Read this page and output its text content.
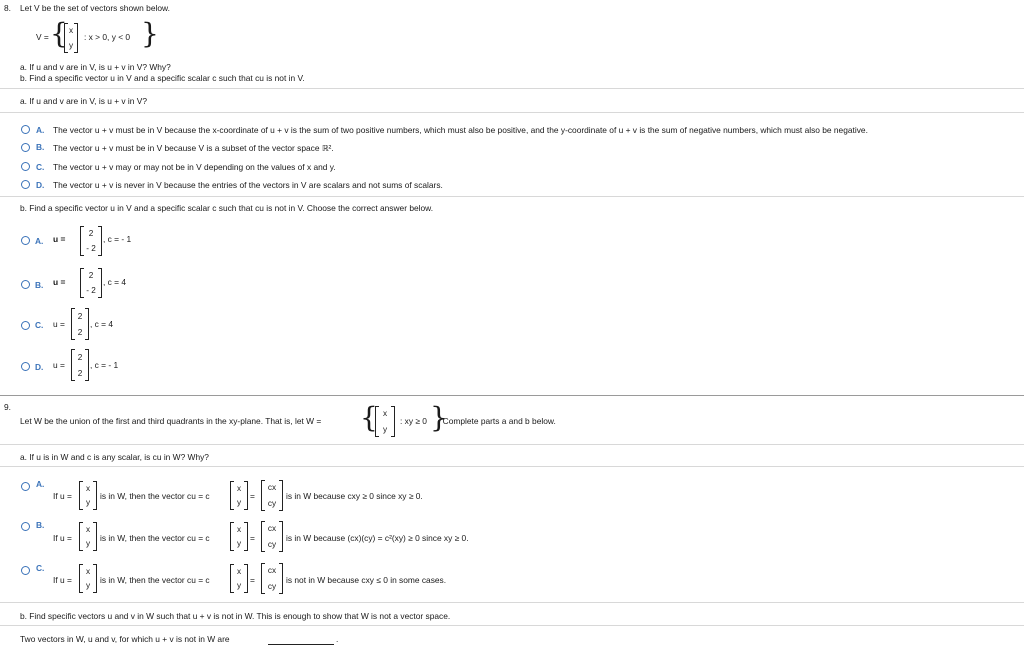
8. Let V be the set of vectors shown below.
V = { x
y
: x > 0, y < 0 }
a. If u and v are in V, is u + v in V? Why?
b. Find a specific vector u in V and a specific scalar c such that cu is not in V.
a. If u and v are in V, is u + v in V?
A. The vector u + v must be in V because the x-coordinate of u + v is the sum of two positive numbers, which must also be positive, and the y-coordinate of u + v is the sum of negative numbers, which must also be negative.
B. The vector u + v must be in V because V is a subset of the vector space ℝ².
C. The vector u + v may or may not be in V depending on the values of x and y.
D. The vector u + v is never in V because the entries of the vectors in V are scalars and not sums of scalars.
b. Find a specific vector u in V and a specific scalar c such that cu is not in V. Choose the correct answer below.
A. u =
2
- 2
, c = - 1
B. u =
2
- 2
, c = 4
C. u =
2
2
, c = 4
D. u =
2
2
, c = - 1
9.
Let W be the union of the first and third quadrants in the xy-plane. That is, let W = { x
y
: xy ≥ 0 }
. Complete parts a and b below.
a. If u is in W and c is any scalar, is cu in W? Why?
A.
If u =
x
y
is in W, then the vector cu = c
x
y
=
cx
cy
is in W because cxy ≥ 0 since xy ≥ 0.
B.
If u =
x
y
is in W, then the vector cu = c
x
y
=
cx
cy
is in W because (cx)(cy) = c²(xy) ≥ 0 since xy ≥ 0.
C.
If u =
x
y
is in W, then the vector cu = c
x
y
=
cx
cy
is not in W because cxy ≤ 0 in some cases.
b. Find specific vectors u and v in W such that u + v is not in W. This is enough to show that W is not a vector space.
Two vectors in W, u and v, for which u + v is not in W are	.
